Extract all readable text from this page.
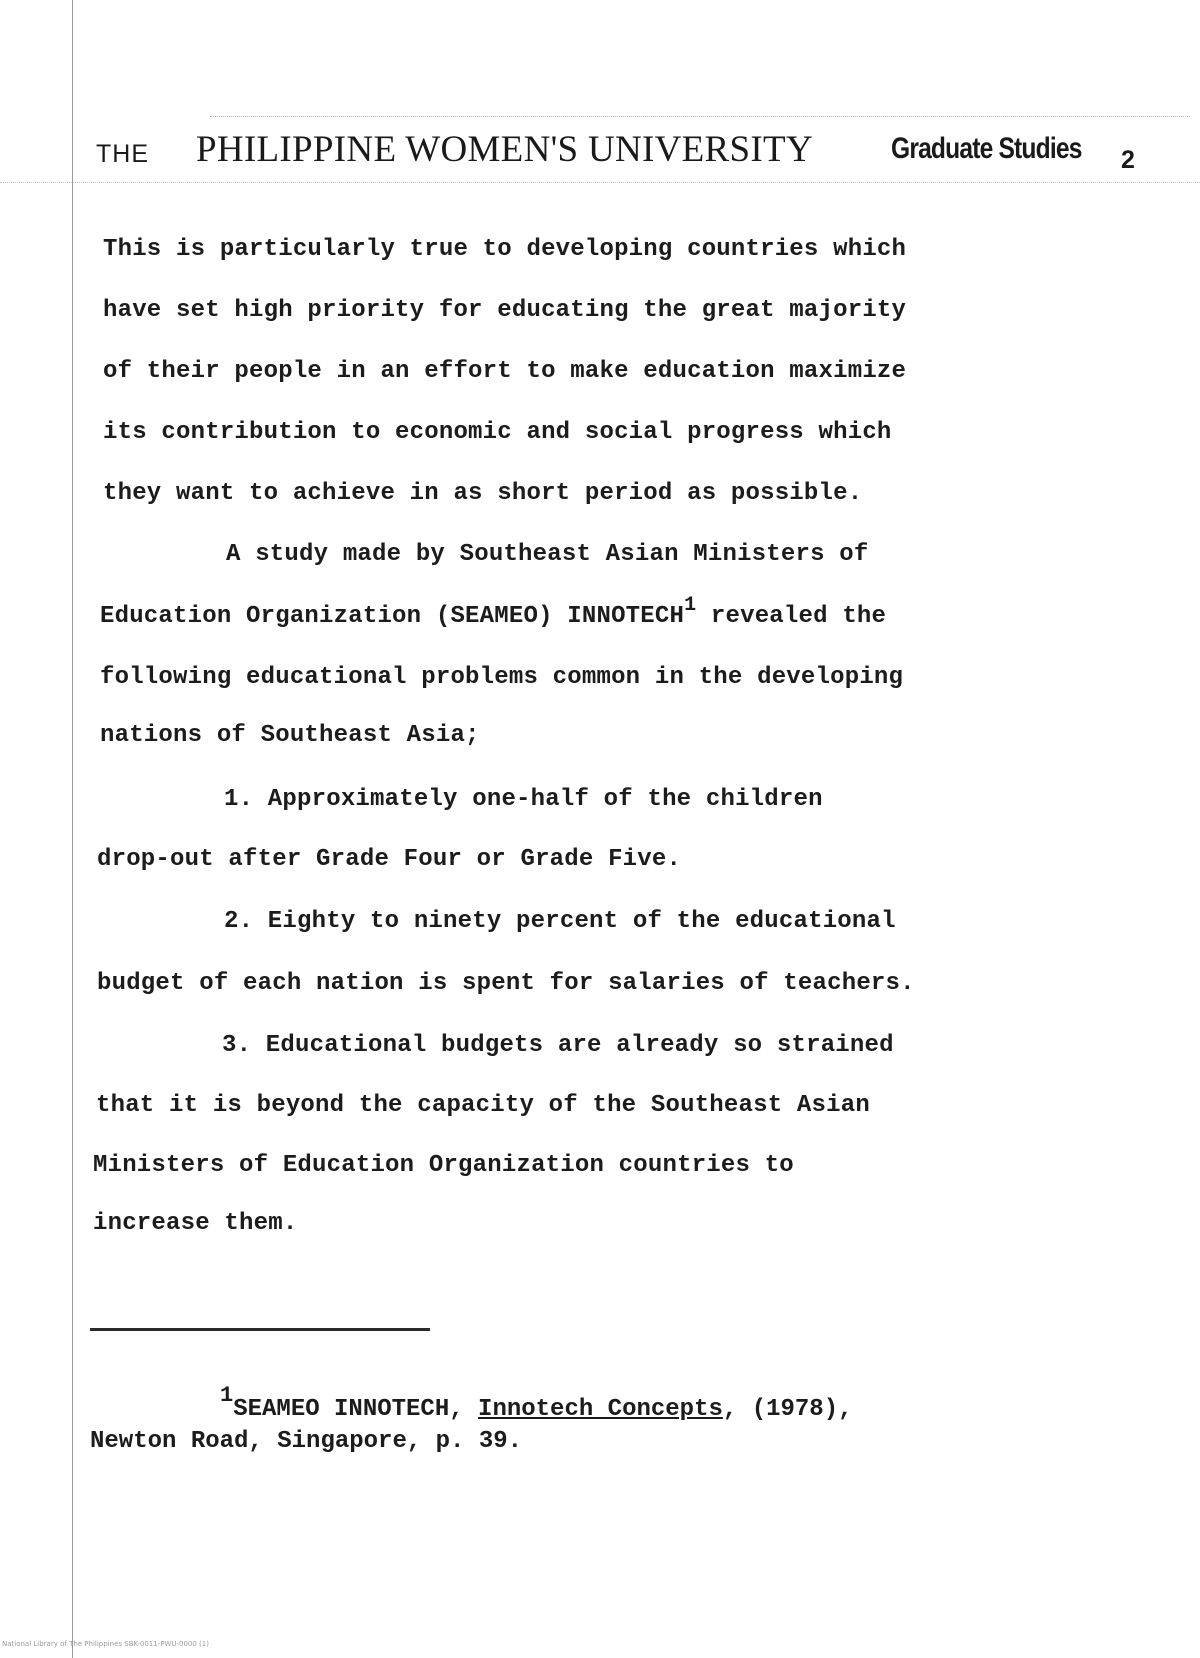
THE PHILIPPINE WOMEN'S UNIVERSITY	Graduate Studies 2
This is particularly true to developing countries which
have set high priority for educating the great majority
of their people in an effort to make education maximize
its contribution to economic and social progress which
they want to achieve in as short period as possible.
A study made by Southeast Asian Ministers of
Education Organization (SEAMEO) INNOTECH$^1$ revealed the
following educational problems common in the developing
nations of Southeast Asia;
1. Approximately one-half of the children
drop-out after Grade Four or Grade Five.
2. Eighty to ninety percent of the educational
budget of each nation is spent for salaries of teachers.
3. Educational budgets are already so strained
that it is beyond the capacity of the Southeast Asian
Ministers of Education Organization countries to
increase them.
1SEAMEO INNOTECH, Innotech Concepts, (1978),
Newton Road, Singapore, p. 39.
National Library of The Philippines SBK-0011-PWU-0000 (1)
